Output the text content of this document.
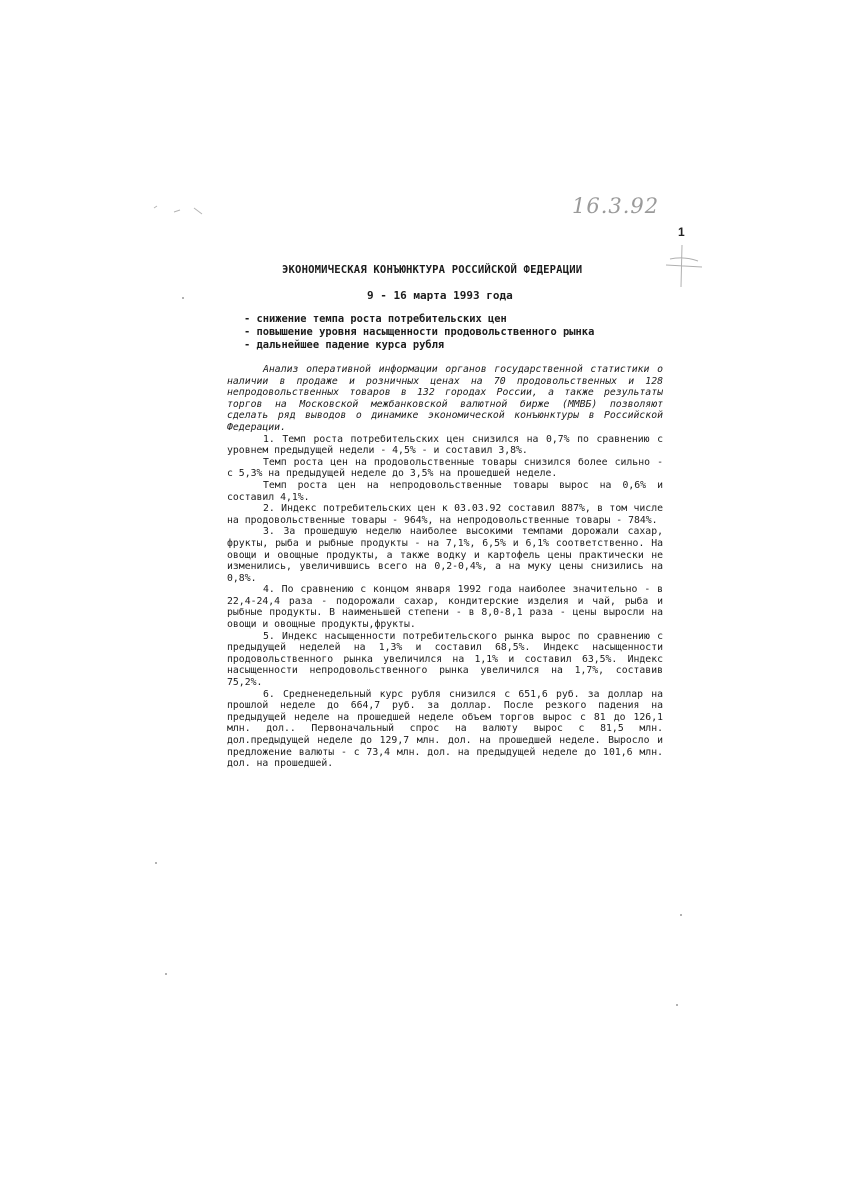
16.3.92
1
ЭКОНОМИЧЕСКАЯ КОНЪЮНКТУРА РОССИЙСКОЙ ФЕДЕРАЦИИ
9 - 16 марта 1993 года
- снижение темпа роста потребительских цен
- повышение уровня насыщенности продовольственного рынка
- дальнейшее падение курса рубля

Анализ оперативной информации органов государственной статистики о наличии в продаже и розничных ценах на 70 продовольственных и 128 непродовольственных товаров в 132 городах России, а также результаты торгов на Московской межбанковской валютной бирже (ММВБ) позволяют сделать ряд выводов о динамике экономической конъюнктуры в Российской Федерации.

1. Темп роста потребительских цен снизился на 0,7% по сравнению с уровнем предыдущей недели - 4,5% - и составил 3,8%.

Темп роста цен на продовольственные товары снизился более сильно - с 5,3% на предыдущей неделе до 3,5% на прошедшей неделе.

Темп роста цен на непродовольственные товары вырос на 0,6% и составил 4,1%.

2. Индекс потребительских цен к 03.03.92 составил 887%, в том числе на продовольственные товары - 964%, на непродовольственные товары - 784%.

3. За прошедшую неделю наиболее высокими темпами дорожали сахар, фрукты, рыба и рыбные продукты - на 7,1%, 6,5% и 6,1% соответственно. На овощи и овощные продукты, а также водку и картофель цены практически не изменились, увеличившись всего на 0,2-0,4%, а на муку цены снизились на 0,8%.

4. По сравнению с концом января 1992 года наиболее значительно - в 22,4-24,4 раза - подорожали сахар, кондитерские изделия и чай, рыба и рыбные продукты. В наименьшей степени - в 8,0-8,1 раза - цены выросли на овощи и овощные продукты,фрукты.

5. Индекс насыщенности потребительского рынка вырос по сравнению с предыдущей неделей на 1,3% и составил 68,5%. Индекс насыщенности продовольственного рынка увеличился на 1,1% и составил 63,5%. Индекс насыщенности непродовольственного рынка увеличился на 1,7%, составив 75,2%.

6. Средненедельный курс рубля снизился с 651,6 руб. за доллар на прошлой неделе до 664,7 руб. за доллар. После резкого падения на предыдущей неделе на прошедшей неделе объем торгов вырос с 81 до 126,1 млн. дол.. Первоначальный спрос на валюту вырос с 81,5 млн. дол.предыдущей неделе до 129,7 млн. дол. на прошедшей неделе. Выросло и предложение валюты - с 73,4 млн. дол. на предыдущей неделе до 101,6 млн. дол. на прошедшей.
